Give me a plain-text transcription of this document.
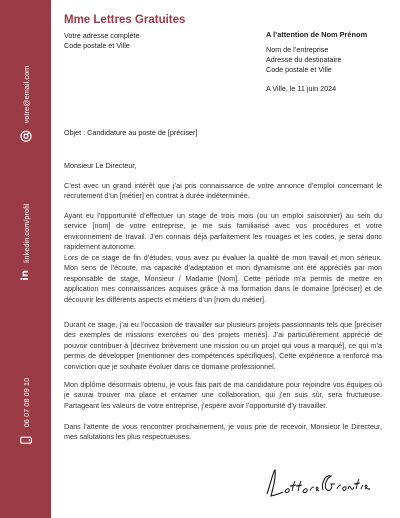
votre@email.com
in
linkedin.com/profil
06 07 08 09 10
Mme Lettres Gratuites
Votre adresse complète
Code postale et Ville
A l’attention de Nom Prénom
Nom de l’entreprise
Adresse du destinataire
Code postale et Ville
A Ville, le 11 juin 2024
Objet : Candidature au poste de [préciser]
Monsieur Le Directeur,

C’est avec un grand intérêt que j’ai pris connaissance de votre annonce d’emploi concernant le recrutement d’un [métier] en contrat à durée indéterminée.

Ayant eu l’opportunité d’effectuer un stage de trois mois (ou un emploi saisonnier) au sein du service [nom] de votre entreprise, je me suis familiarisé avec vos procédures et votre environnement de travail. J’en connais déjà parfaitement les rouages et les codes, je serai donc rapidement autonome.

Lors de ce stage de fin d’études, vous avez pu évaluer la qualité de mon travail et mon sérieux. Mon sens de l’écoute, ma capacité d’adaptation et mon dynamisme ont été appréciés par mon responsable de stage, Monsieur / Madame [Nom]. Cette période m’a permis de mettre en application mes connaissances acquises grâce à ma formation dans le domaine [préciser] et de découvrir les différents aspects et métiers d’un [nom du métier].

Durant ce stage, j’ai eu l’occasion de travailler sur plusieurs projets passionnants tels que [préciser des exemples de missions exercées ou des projets menés]. J’ai particulièrement apprécié de pouvoir contribuer à [décrivez brièvement une mission ou un projet qui vous a marqué], ce qui m’a permis de développer [mentionner des compétences spécifiques]. Cette expérience a renforcé ma conviction que je souhaite évoluer dans ce domaine professionnel.

Mon diplôme désormais obtenu, je vous fais part de ma candidature pour rejoindre vos équipes où je saurai trouver ma place et entamer une collaboration, qui j’en suis sûr, sera fructueuse. Partageant les valeurs de votre entreprise, j’espère avoir l’opportunité d’y travailler.

Dans l’attente de vous rencontrer prochainement, je vous prie de recevoir, Monsieur le Directeur, mes salutations les plus respectueuses.
